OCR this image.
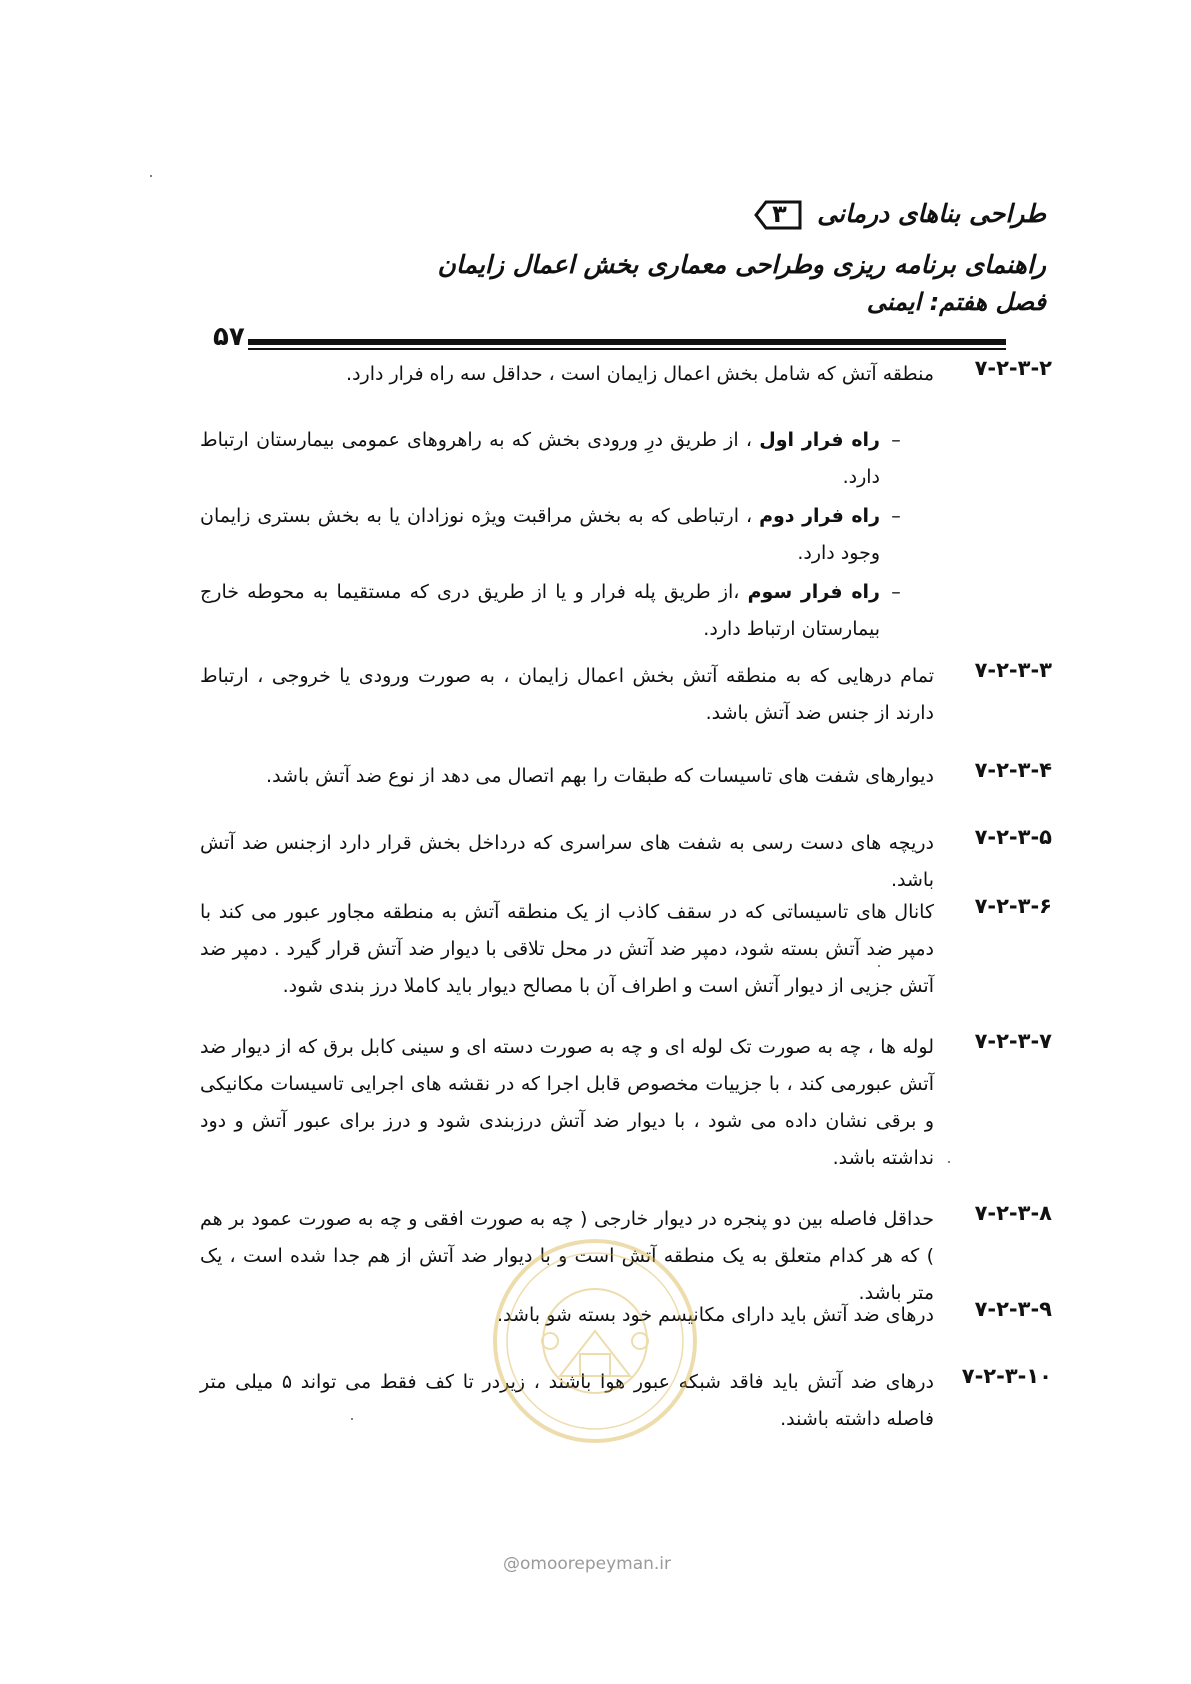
طراحی بناهای درمانی
۳
راهنمای برنامه ریزی وطراحی معماری بخش اعمال زایمان
فصل هفتم: ایمنی
۵۷
۷-۲-۳-۲
منطقه آتش که شامل بخش اعمال زایمان است ، حداقل سه راه فرار دارد.
–
راه فرار اول ، از طریق درِ ورودی بخش که به راهروهای عمومی بیمارستان ارتباط دارد.
–
راه فرار دوم ، ارتباطی که به بخش مراقبت ویژه نوزادان یا به بخش بستری زایمان وجود دارد.
–
راه فرار سوم ،از طریق پله فرار و یا از طریق دری که مستقیما به محوطه خارج بیمارستان ارتباط دارد.
۷-۲-۳-۳
تمام درهایی که به منطقه آتش بخش اعمال زایمان ، به صورت ورودی یا خروجی ، ارتباط دارند از جنس ضد آتش باشد.
۷-۲-۳-۴
دیوارهای شفت های تاسیسات که طبقات را بهم اتصال می دهد از نوع ضد آتش باشد.
۷-۲-۳-۵
دریچه های دست رسی به شفت های سراسری که درداخل بخش قرار دارد ازجنس ضد آتش باشد.
۷-۲-۳-۶
کانال های تاسیساتی که در سقف کاذب از یک منطقه آتش به منطقه مجاور عبور می کند با دمپر ضد آتش بسته شود، دمپر ضد آتش در محل تلاقی با دیوار ضد آتش قرار گیرد . دمپر ضد آتش جزیی از دیوار آتش است و اطراف آن با مصالح دیوار باید کاملا درز بندی شود.
۷-۲-۳-۷
لوله ها ، چه به صورت تک لوله ای و چه به صورت دسته ای و سینی کابل برق که از دیوار ضد آتش عبورمی کند ، با جزییات مخصوص قابل اجرا که در نقشه های اجرایی تاسیسات مکانیکی و برقی نشان داده می شود ، با دیوار ضد آتش درزبندی شود و درز برای عبور آتش و دود نداشته باشد.
۷-۲-۳-۸
حداقل فاصله بین دو پنجره در دیوار خارجی ( چه به صورت افقی و چه به صورت عمود بر هم ) که هر کدام متعلق به یک منطقه آتش است و با دیوار ضد آتش از هم جدا شده است ، یک متر باشد.
۷-۲-۳-۹
درهای ضد آتش باید دارای مکانیسم خود بسته شو باشد.
۷-۲-۳-۱۰
درهای ضد آتش باید فاقد شبکه عبور هوا باشند ، زیردر تا کف فقط می تواند ۵ میلی متر فاصله داشته باشند.
@omoorepeyman.ir
